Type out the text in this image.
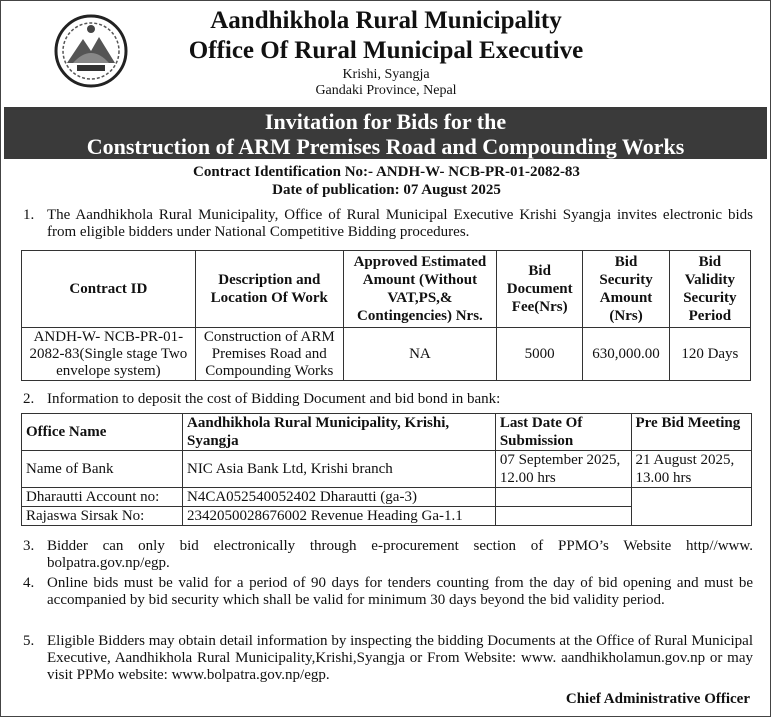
Aandhikhola Rural Municipality
Office Of Rural Municipal Executive
Krishi, Syangja
Gandaki Province, Nepal
Invitation for Bids for the
Construction of ARM Premises Road and Compounding Works
Contract Identification No:- ANDH-W- NCB-PR-01-2082-83
Date of publication: 07 August 2025
1. The Aandhikhola Rural Municipality, Office of Rural Municipal Executive Krishi Syangja invites electronic bids from eligible bidders under National Competitive Bidding procedures.
Contract ID	Description and Location Of Work	Approved Estimated Amount (Without VAT,PS,& Contingencies) Nrs.	Bid Document Fee(Nrs)	Bid Security Amount (Nrs)	Bid Validity Security Period
ANDH-W- NCB-PR-01-2082-83(Single stage Two envelope system)	Construction of ARM Premises Road and Compounding Works	NA	5000	630,000.00	120 Days
2. Information to deposit the cost of Bidding Document and bid bond in bank:
Office Name	Aandhikhola Rural Municipality, Krishi, Syangja	Last Date Of Submission	Pre Bid Meeting
Name of Bank	NIC Asia Bank Ltd, Krishi branch	07 September 2025, 12.00 hrs	21 August 2025, 13.00 hrs
Dharautti Account no:	N4CA052540052402 Dharautti (ga-3)		
Rajaswa Sirsak No:	2342050028676002 Revenue Heading Ga-1.1		
3. Bidder can only bid electronically through e-procurement section of PPMO’s Website http//www. bolpatra.gov.np/egp.
4. Online bids must be valid for a period of 90 days for tenders counting from the day of bid opening and must be accompanied by bid security which shall be valid for minimum 30 days beyond the bid validity period.
5. Eligible Bidders may obtain detail information by inspecting the bidding Documents at the Office of Rural Municipal Executive, Aandhikhola Rural Municipality,Krishi,Syangja or From Website: www. aandhikholamun.gov.np or may visit PPMo website: www.bolpatra.gov.np/egp.
Chief Administrative Officer
